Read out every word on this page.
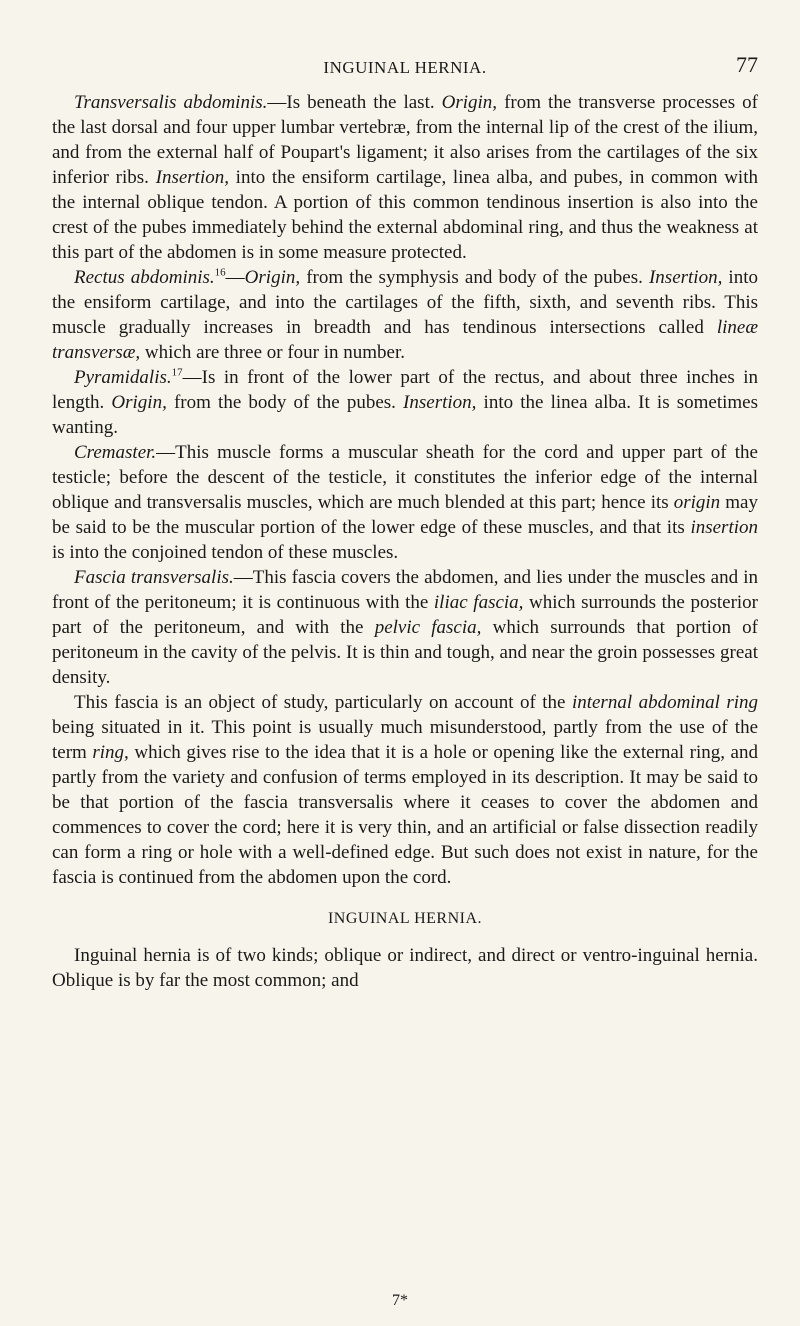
INGUINAL HERNIA.	77

Transversalis abdominis.—Is beneath the last. Origin, from the transverse processes of the last dorsal and four upper lumbar vertebræ, from the internal lip of the crest of the ilium, and from the external half of Poupart's ligament; it also arises from the cartilages of the six inferior ribs. Insertion, into the ensiform cartilage, linea alba, and pubes, in common with the internal oblique tendon. A portion of this common tendinous insertion is also into the crest of the pubes immediately behind the external abdominal ring, and thus the weakness at this part of the abdomen is in some measure protected.

Rectus abdominis.$^{16}$—Origin, from the symphysis and body of the pubes. Insertion, into the ensiform cartilage, and into the cartilages of the fifth, sixth, and seventh ribs. This muscle gradually increases in breadth and has tendinous intersections called lineæ transversæ, which are three or four in number.

Pyramidalis.$^{17}$—Is in front of the lower part of the rectus, and about three inches in length. Origin, from the body of the pubes. Insertion, into the linea alba. It is sometimes wanting.

Cremaster.—This muscle forms a muscular sheath for the cord and upper part of the testicle; before the descent of the testicle, it constitutes the inferior edge of the internal oblique and transversalis muscles, which are much blended at this part; hence its origin may be said to be the muscular portion of the lower edge of these muscles, and that its insertion is into the conjoined tendon of these muscles.

Fascia transversalis.—This fascia covers the abdomen, and lies under the muscles and in front of the peritoneum; it is continuous with the iliac fascia, which surrounds the posterior part of the peritoneum, and with the pelvic fascia, which surrounds that portion of peritoneum in the cavity of the pelvis. It is thin and tough, and near the groin possesses great density.

This fascia is an object of study, particularly on account of the internal abdominal ring being situated in it. This point is usually much misunderstood, partly from the use of the term ring, which gives rise to the idea that it is a hole or opening like the external ring, and partly from the variety and confusion of terms employed in its description. It may be said to be that portion of the fascia transversalis where it ceases to cover the abdomen and commences to cover the cord; here it is very thin, and an artificial or false dissection readily can form a ring or hole with a well-defined edge. But such does not exist in nature, for the fascia is continued from the abdomen upon the cord.

INGUINAL HERNIA.

Inguinal hernia is of two kinds; oblique or indirect, and direct or ventro-inguinal hernia. Oblique is by far the most common; and

7*
